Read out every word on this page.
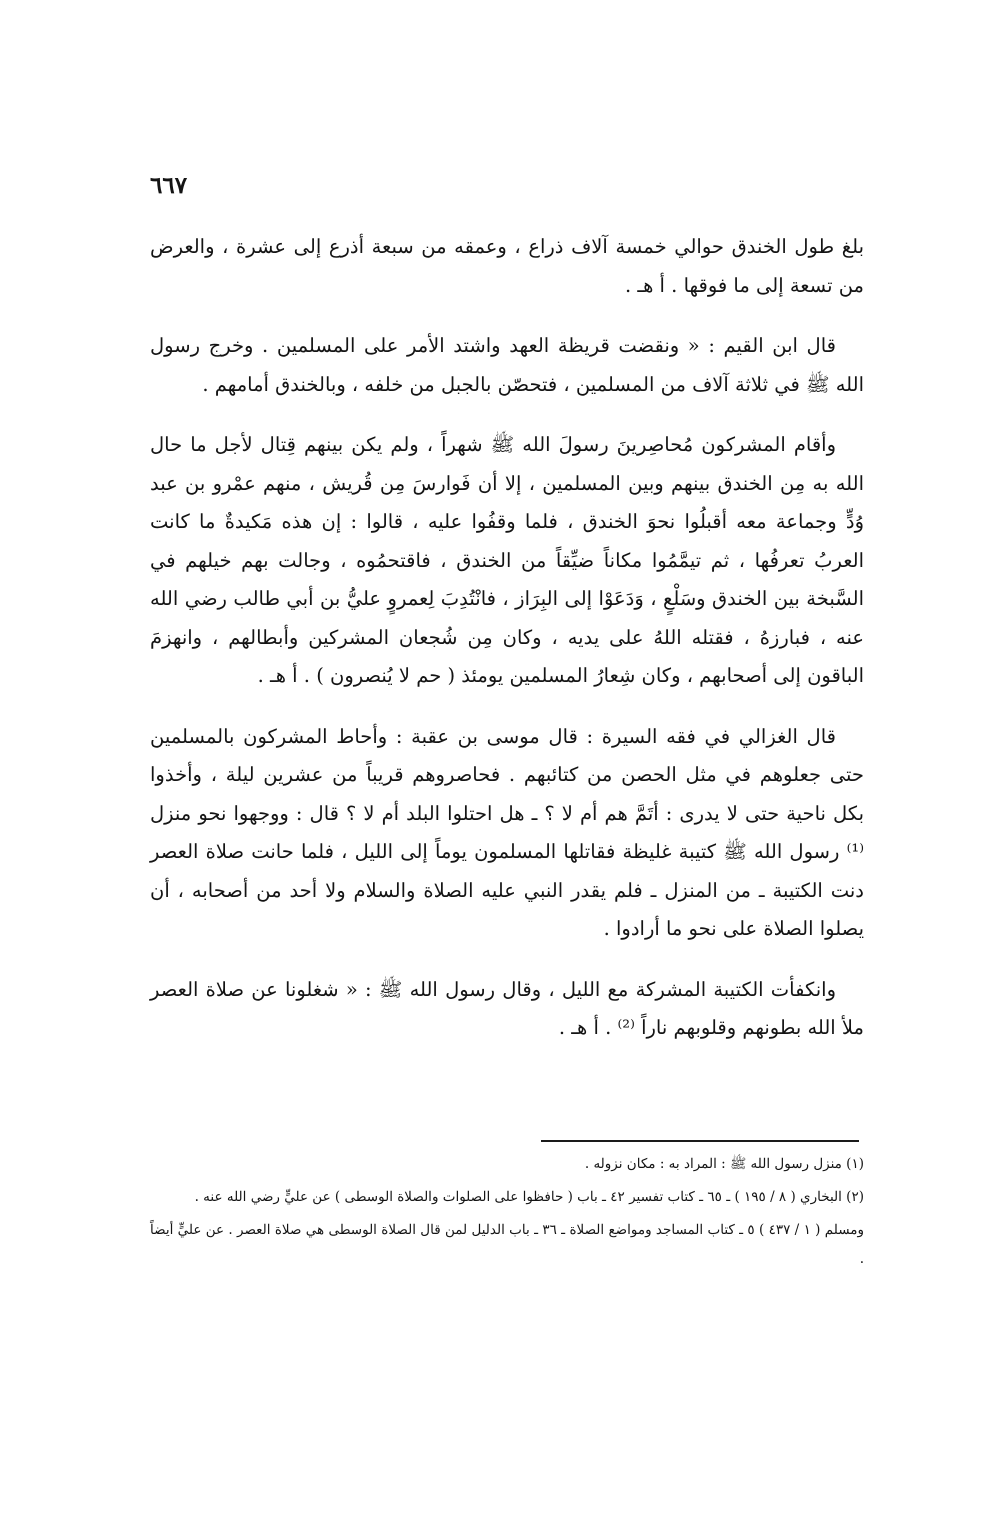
٦٦٧

بلغ طول الخندق حوالي خمسة آلاف ذراع ، وعمقه من سبعة أذرع إلى عشرة ، والعرض من تسعة إلى ما فوقها . أ هـ .

قال ابن القيم : « ونقضت قريظة العهد واشتد الأمر على المسلمين . وخرج رسول الله ﷺ في ثلاثة آلاف من المسلمين ، فتحصّن بالجبل من خلفه ، وبالخندق أمامهم .

وأقام المشركون مُحاصِرينَ رسولَ الله ﷺ شهراً ، ولم يكن بينهم قِتال لأجل ما حال الله به مِن الخندق بينهم وبين المسلمين ، إلا أن فَوارسَ مِن قُريش ، منهم عمْرو بن عبد وُدٍّ وجماعة معه أقبلُوا نحوَ الخندق ، فلما وقفُوا عليه ، قالوا : إن هذه مَكيدةٌ ما كانت العربُ تعرفُها ، ثم تيمَّمُوا مكاناً ضيِّقاً من الخندق ، فاقتحمُوه ، وجالت بهم خيلهم في السَّبخة بين الخندق وسَلْعٍ ، وَدَعَوْا إلى البِرَاز ، فانْتُدِبَ لِعمروٍ عليُّ بن أبي طالب رضي الله عنه ، فبارزهُ ، فقتله اللهُ على يديه ، وكان مِن شُجعان المشركين وأبطالهم ، وانهزمَ الباقون إلى أصحابهم ، وكان شِعارُ المسلمين يومئذ ( حم لا يُنصرون ) . أ هـ .

قال الغزالي في فقه السيرة : قال موسى بن عقبة : وأحاط المشركون بالمسلمين حتى جعلوهم في مثل الحصن من كتائبهم . فحاصروهم قريباً من عشرين ليلة ، وأخذوا بكل ناحية حتى لا يدرى : أتَمَّ هم أم لا ؟ ـ هل احتلوا البلد أم لا ؟ قال : ووجهوا نحو منزل ⁽¹⁾ رسول الله ﷺ كتيبة غليظة فقاتلها المسلمون يوماً إلى الليل ، فلما حانت صلاة العصر دنت الكتيبة ـ من المنزل ـ فلم يقدر النبي عليه الصلاة والسلام ولا أحد من أصحابه ، أن يصلوا الصلاة على نحو ما أرادوا .

وانكفأت الكتيبة المشركة مع الليل ، وقال رسول الله ﷺ : « شغلونا عن صلاة العصر ملأ الله بطونهم وقلوبهم ناراً ⁽²⁾ . أ هـ .

(١) منزل رسول الله ﷺ : المراد به : مكان نزوله .

(٢) البخاري ( ٨ / ١٩٥ ) ـ ٦٥ ـ كتاب تفسير ٤٢ ـ باب ( حافظوا على الصلوات والصلاة الوسطى ) عن عليٍّ رضي الله عنه .

ومسلم ( ١ / ٤٣٧ ) ٥ ـ كتاب المساجد ومواضع الصلاة ـ ٣٦ ـ باب الدليل لمن قال الصلاة الوسطى هي صلاة العصر . عن عليٍّ أيضاً .
